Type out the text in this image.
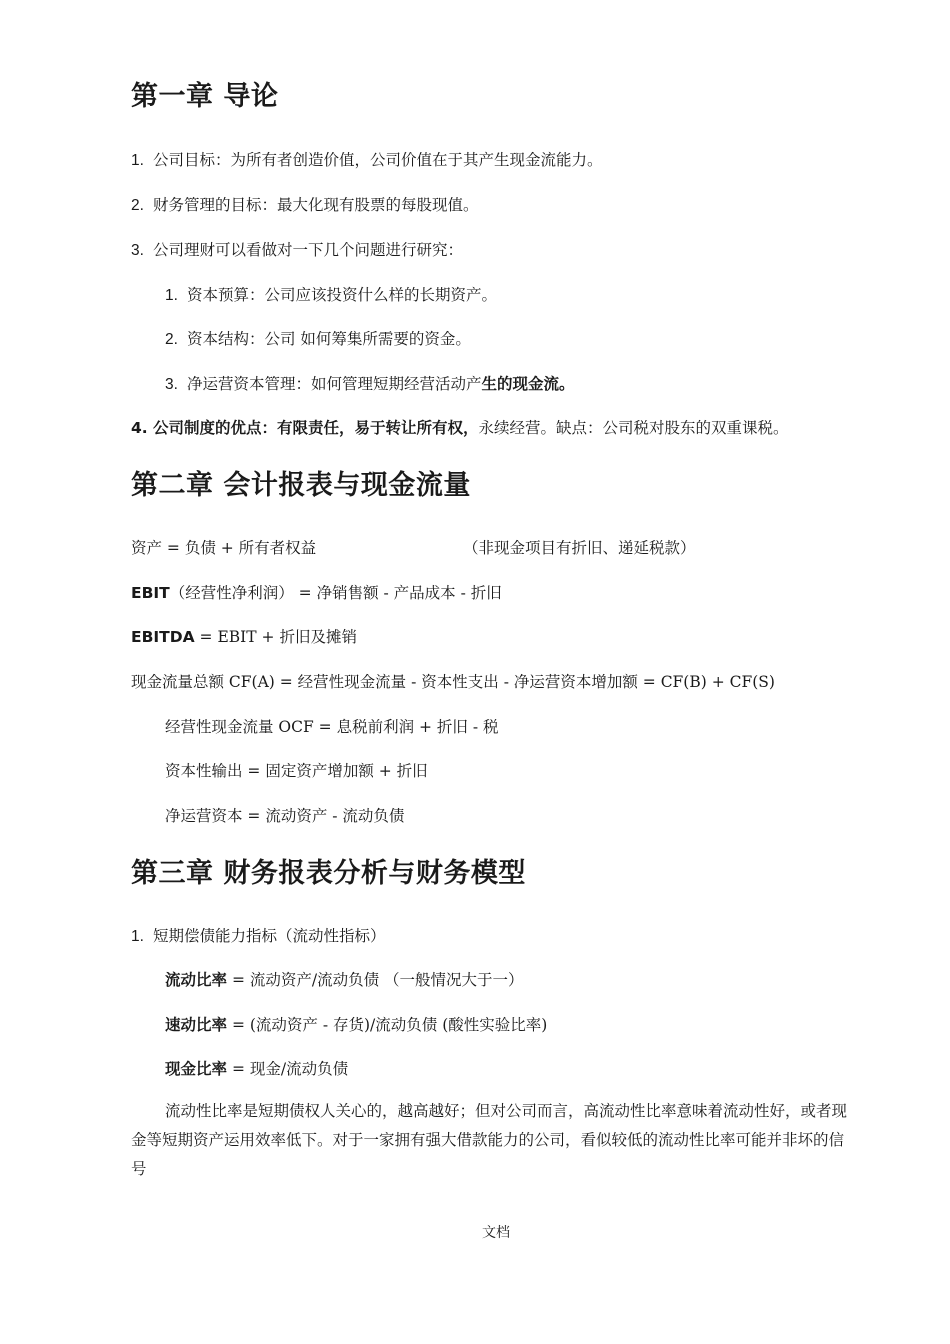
第一章 导论
1. 公司目标：为所有者创造价值，公司价值在于其产生现金流能力。
2. 财务管理的目标：最大化现有股票的每股现值。
3. 公司理财可以看做对一下几个问题进行研究：
1. 资本预算：公司应该投资什么样的长期资产。
2. 资本结构：公司 如何筹集所需要的资金。
3. 净运营资本管理：如何管理短期经营活动产生的现金流。
4. 公司制度的优点：有限责任，易于转让所有权，永续经营。缺点：公司税对股东的双重课税。
第二章 会计报表与现金流量
资产 = 负债 + 所有者权益	（非现金项目有折旧、递延税款）
EBIT（经营性净利润） = 净销售额 - 产品成本 - 折旧
EBITDA = EBIT + 折旧及摊销
现金流量总额 CF(A) = 经营性现金流量 - 资本性支出 - 净运营资本增加额 = CF(B) + CF(S)
经营性现金流量 OCF = 息税前利润 + 折旧 - 税
资本性输出 = 固定资产增加额 + 折旧
净运营资本 = 流动资产 - 流动负债
第三章 财务报表分析与财务模型
1. 短期偿债能力指标（流动性指标）
流动比率 = 流动资产/流动负债 （一般情况大于一）
速动比率 = (流动资产 - 存货)/流动负债 (酸性实验比率)
现金比率 = 现金/流动负债
流动性比率是短期债权人关心的，越高越好；但对公司而言，高流动性比率意味着流动性好，或者现金等短期资产运用效率低下。对于一家拥有强大借款能力的公司，看似较低的流动性比率可能并非坏的信号
文档
